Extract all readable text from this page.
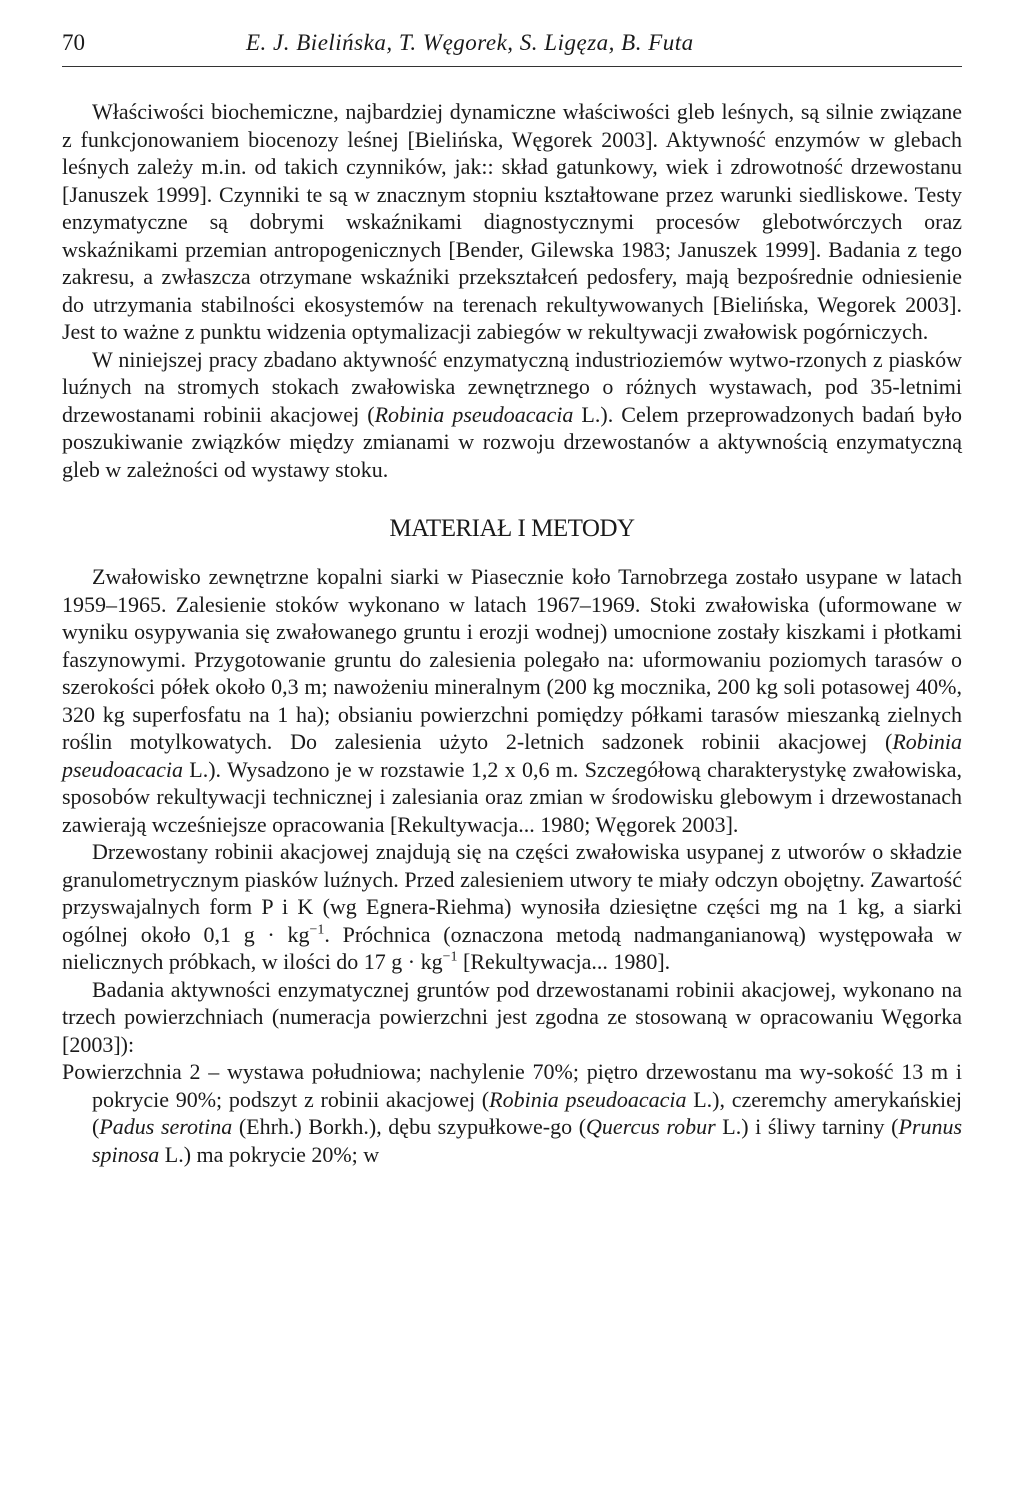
70	E. J. Bielińska, T. Węgorek, S. Ligęza, B. Futa

Właściwości biochemiczne, najbardziej dynamiczne właściwości gleb leśnych, są silnie związane z funkcjonowaniem biocenozy leśnej [Bielińska, Węgorek 2003]. Aktywność enzymów w glebach leśnych zależy m.in. od takich czynników, jak:: skład gatunkowy, wiek i zdrowotność drzewostanu [Januszek 1999]. Czynniki te są w znacznym stopniu kształtowane przez warunki siedliskowe. Testy enzymatyczne są dobrymi wskaźnikami diagnostycznymi procesów glebotwórczych oraz wskaźnikami przemian antropogenicznych [Bender, Gilewska 1983; Januszek 1999]. Badania z tego zakresu, a zwłaszcza otrzymane wskaźniki przekształceń pedosfery, mają bezpośrednie odniesienie do utrzymania stabilności ekosystemów na terenach rekultywowanych [Bielińska, Wegorek 2003]. Jest to ważne z punktu widzenia optymalizacji zabiegów w rekultywacji zwałowisk pogórniczych.

W niniejszej pracy zbadano aktywność enzymatyczną industrioziemów wytwo-rzonych z piasków luźnych na stromych stokach zwałowiska zewnętrznego o różnych wystawach, pod 35-letnimi drzewostanami robinii akacjowej (Robinia pseudoacacia L.). Celem przeprowadzonych badań było poszukiwanie związków między zmianami w rozwoju drzewostanów a aktywnością enzymatyczną gleb w zależności od wystawy stoku.

MATERIAŁ I METODY

Zwałowisko zewnętrzne kopalni siarki w Piasecznie koło Tarnobrzega zostało usypane w latach 1959–1965. Zalesienie stoków wykonano w latach 1967–1969. Stoki zwałowiska (uformowane w wyniku osypywania się zwałowanego gruntu i erozji wodnej) umocnione zostały kiszkami i płotkami faszynowymi. Przygotowanie gruntu do zalesienia polegało na: uformowaniu poziomych tarasów o szerokości półek około 0,3 m; nawożeniu mineralnym (200 kg mocznika, 200 kg soli potasowej 40%, 320 kg superfosfatu na 1 ha); obsianiu powierzchni pomiędzy półkami tarasów mieszanką zielnych roślin motylkowatych. Do zalesienia użyto 2-letnich sadzonek robinii akacjowej (Robinia pseudoacacia L.). Wysadzono je w rozstawie 1,2 x 0,6 m. Szczegółową charakterystykę zwałowiska, sposobów rekultywacji technicznej i zalesiania oraz zmian w środowisku glebowym i drzewostanach zawierają wcześniejsze opracowania [Rekultywacja... 1980; Węgorek 2003].

Drzewostany robinii akacjowej znajdują się na części zwałowiska usypanej z utworów o składzie granulometrycznym piasków luźnych. Przed zalesieniem utwory te miały odczyn obojętny. Zawartość przyswajalnych form P i K (wg Egnera-Riehma) wynosiła dziesiętne części mg na 1 kg, a siarki ogólnej około 0,1 $g \cdot kg^{-1}$. Próchnica (oznaczona metodą nadmanganianową) występowała w nielicznych próbkach, w ilości do 17 $g \cdot kg^{-1}$ [Rekultywacja... 1980].

Badania aktywności enzymatycznej gruntów pod drzewostanami robinii akacjowej, wykonano na trzech powierzchniach (numeracja powierzchni jest zgodna ze stosowaną w opracowaniu Węgorka [2003]):

Powierzchnia 2 – wystawa południowa; nachylenie 70%; piętro drzewostanu ma wy-sokość 13 m i pokrycie 90%; podszyt z robinii akacjowej (Robinia pseudoacacia L.), czeremchy amerykańskiej (Padus serotina (Ehrh.) Borkh.), dębu szypułkowe-go (Quercus robur L.) i śliwy tarniny (Prunus spinosa L.) ma pokrycie 20%; w
